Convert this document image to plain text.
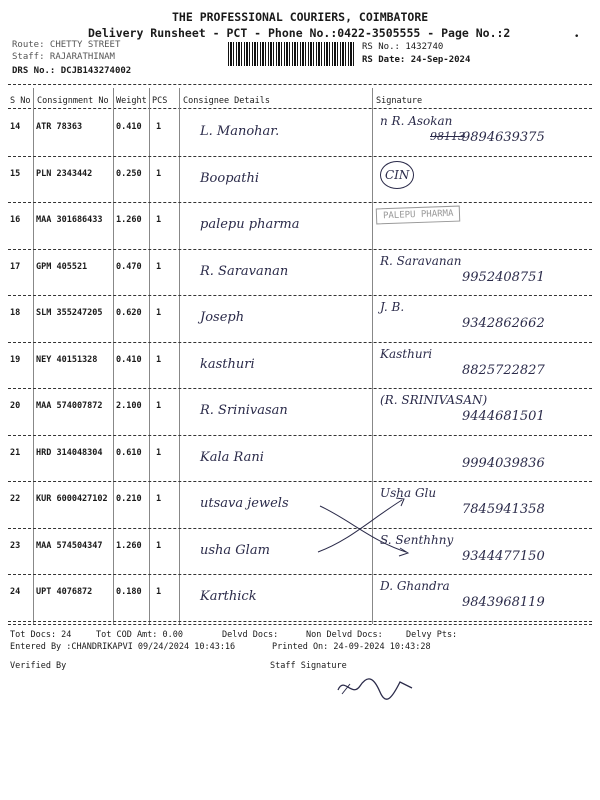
THE PROFESSIONAL COURIERS, COIMBATORE
Delivery Runsheet - PCT - Phone No.:0422-3505555 - Page No.:2
Route: CHETTY STREET
Staff: RAJARATHINAM
DRS No.: DCJB143274002
RS No.: 1432740
RS Date: 24-Sep-2024
•
S No Consignment No Weight PCS Consignee Details	Signature
14 ATR 78363	0.410 1	L. Manohar.
n R. Asokan
9894639375
98113
15 PLN 2343442	0.250 1	Boopathi	CIN
16 MAA 301686433 1.260 1	palepu pharma
PALEPU PHARMA
17 GPM 405521	0.470 1	R. Saravanan
R. Saravanan
9952408751
18 SLM 355247205 0.620 1	Joseph
J. B.
9342862662
19 NEY 40151328 0.410 1	kasthuri
Kasthuri
8825722827
20 MAA 574007872 2.100 1	R. Srinivasan
(R. SRINIVASAN)
9444681501
21 HRD 314048304 0.610 1	Kala Rani	9994039836
22 KUR 6000427102 0.210 1	utsava jewels
Usha Glu
7845941358
23 MAA 574504347 1.260 1	usha Glam
S. Senthhny
9344477150
24 UPT 4076872	0.180 1	Karthick
D. Ghandra
9843968119
Tot Docs: 24	Tot COD Amt: 0.00	Delvd Docs:	Non Delvd Docs:	Delvy Pts:
Entered By :CHANDRIKAPVI 09/24/2024 10:43:16	Printed On: 24-09-2024 10:43:28
Verified By	Staff Signature
